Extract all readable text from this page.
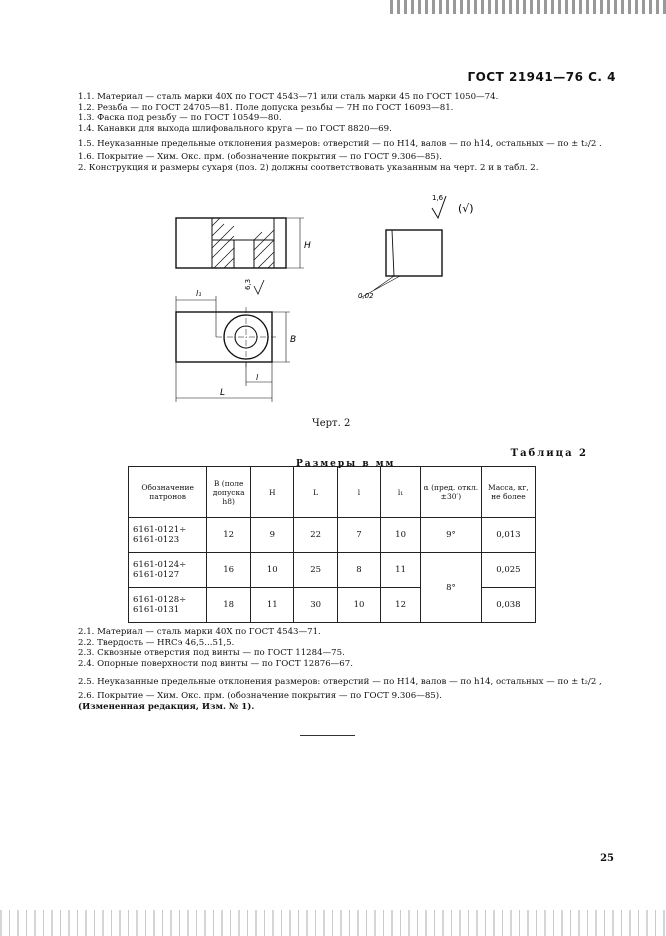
ГОСТ 21941—76 С. 4

1.1. Материал — сталь марки 40Х по ГОСТ 4543—71 или сталь марки 45 по ГОСТ 1050—74.

1.2. Резьба — по ГОСТ 24705—81. Поле допуска резьбы — 7Н по ГОСТ 16093—81.

1.3. Фаска под резьбу — по ГОСТ 10549—80.

1.4. Канавки для выхода шлифовального круга — по ГОСТ 8820—69.

1.5. Неуказанные предельные отклонения размеров: отверстий — по Н14, валов — по h14, остальных — по ± t₂/2 .

1.6. Покрытие — Хим. Окс. прм. (обозначение покрытия — по ГОСТ 9.306—85).

2. Конструкция и размеры сухаря (поз. 2) должны соответствовать указанным на черт. 2 и в табл. 2.

1,6
(√)
H
6,3
0,02
l₁
B
l
L
Черт. 2
Таблица 2
Размеры в мм
Обозначение патронов	B (поле допуска h8)	H	L	l	l₁	α (пред. откл. ±30′)	Масса, кг, не более
6161-0121÷ 6161-0123	12	9	22	7	10	9°	0,013
6161-0124÷ 6161-0127	16	10	25	8	11	8°	0,025
6161-0128÷ 6161-0131	18	11	30	10	12		0,038

2.1. Материал — сталь марки 40Х по ГОСТ 4543—71.

2.2. Твердость — HRCэ 46,5...51,5.

2.3. Сквозные отверстия под винты — по ГОСТ 11284—75.

2.4. Опорные поверхности под винты — по ГОСТ 12876—67.

2.5. Неуказанные предельные отклонения размеров: отверстий — по Н14, валов — по h14, остальных — по ± t₂/2 ,

2.6. Покрытие — Хим. Окс. прм. (обозначение покрытия — по ГОСТ 9.306—85).

(Измененная редакция, Изм. № 1).

25
